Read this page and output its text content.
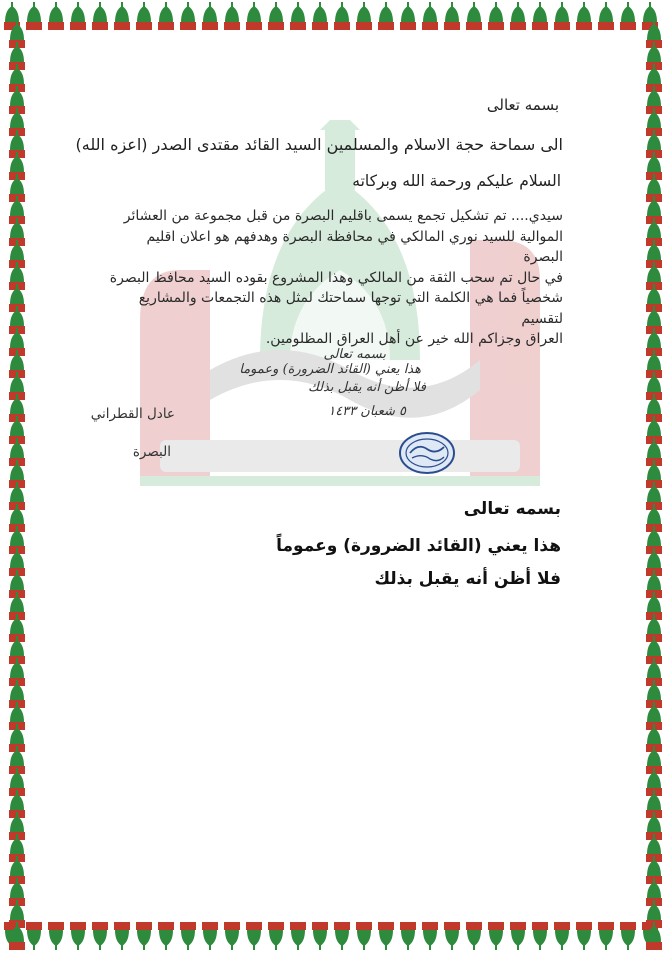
بسمه تعالى
الى سماحة حجة الاسلام والمسلمين السيد القائد مقتدى الصدر (اعزه الله)
السلام عليكم ورحمة الله وبركاته
سيدي.... تم تشكيل تجمع يسمى باقليم البصرة من قبل مجموعة من العشائر
الموالية للسيد نوري المالكي في محافظة البصرة وهدفهم هو اعلان اقليم البصرة
في حال تم سحب الثقة من المالكي وهذا المشروع بقوده السيد محافظ البصرة
شخصياً فما هي الكلمة التي توجها سماحتك لمثل هذه التجمعات والمشاريع لتقسيم
العراق وجزاكم الله خير عن أهل العراق المظلومين.
بسمه تعالى
هذا يعني (القائد الضرورة) وعموما
فلا أظن أنه يقبل بذلك
٥ شعبان ١٤٣٣
عادل القطراني
البصرة
بسمه تعالى
هذا يعني (القائد الضرورة) وعموماً
فلا أظن أنه يقبل بذلك
